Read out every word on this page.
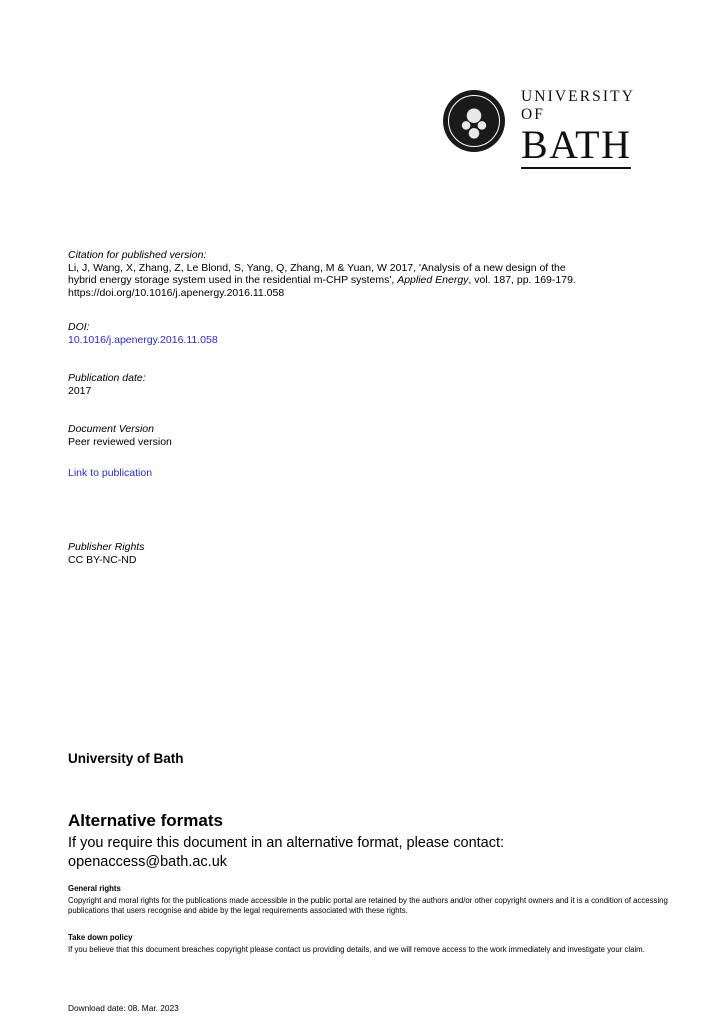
UNIVERSITY OF
BATH
Citation for published version:
Li, J, Wang, X, Zhang, Z, Le Blond, S, Yang, Q, Zhang, M & Yuan, W 2017, 'Analysis of a new design of the
hybrid energy storage system used in the residential m-CHP systems', Applied Energy, vol. 187, pp. 169-179.
https://doi.org/10.1016/j.apenergy.2016.11.058
DOI:
10.1016/j.apenergy.2016.11.058
Publication date:
2017
Document Version
Peer reviewed version
Link to publication
Publisher Rights
CC BY-NC-ND
University of Bath
Alternative formats
If you require this document in an alternative format, please contact:
openaccess@bath.ac.uk
General rights
Copyright and moral rights for the publications made accessible in the public portal are retained by the authors and/or other copyright owners and it is a condition of accessing publications that users recognise and abide by the legal requirements associated with these rights.
Take down policy
If you believe that this document breaches copyright please contact us providing details, and we will remove access to the work immediately and investigate your claim.
Download date: 08. Mar. 2023
